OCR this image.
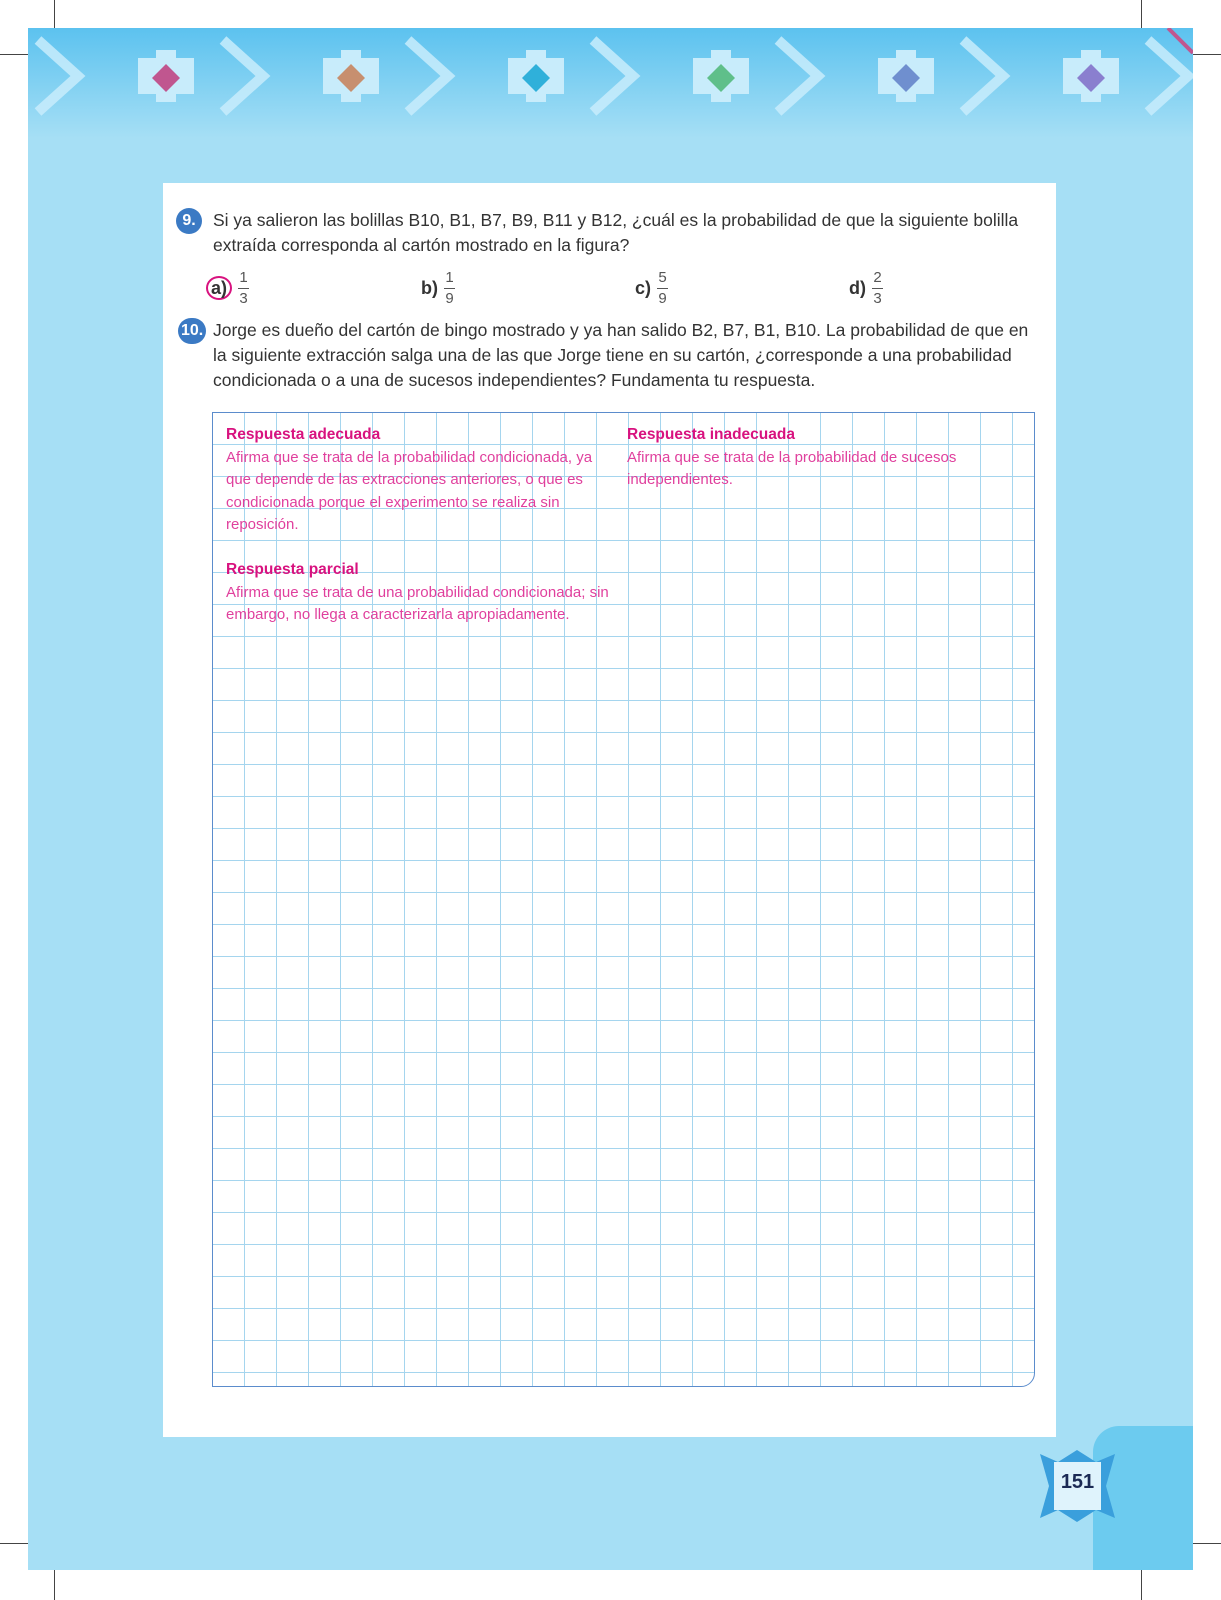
151
9. Si ya salieron las bolillas B10, B1, B7, B9, B11 y B12, ¿cuál es la probabilidad de que la siguiente bolilla extraída corresponda al cartón mostrado en la figura?
$a) \frac{1}{3}$	$b) \frac{1}{9}$	$c) \frac{5}{9}$	$d) \frac{2}{3}$
10. Jorge es dueño del cartón de bingo mostrado y ya han salido B2, B7, B1, B10. La probabilidad de que en la siguiente extracción salga una de las que Jorge tiene en su cartón, ¿corresponde a una probabilidad condicionada o a una de sucesos independientes? Fundamenta tu respuesta.
Respuesta adecuada
Afirma que se trata de la probabilidad condicionada, ya que depende de las extracciones anteriores, o que es condicionada porque el experimento se realiza sin reposición.
Respuesta inadecuada
Afirma que se trata de la probabilidad de sucesos independientes.
Respuesta parcial
Afirma que se trata de una probabilidad condicionada; sin embargo, no llega a caracterizarla apropiadamente.
